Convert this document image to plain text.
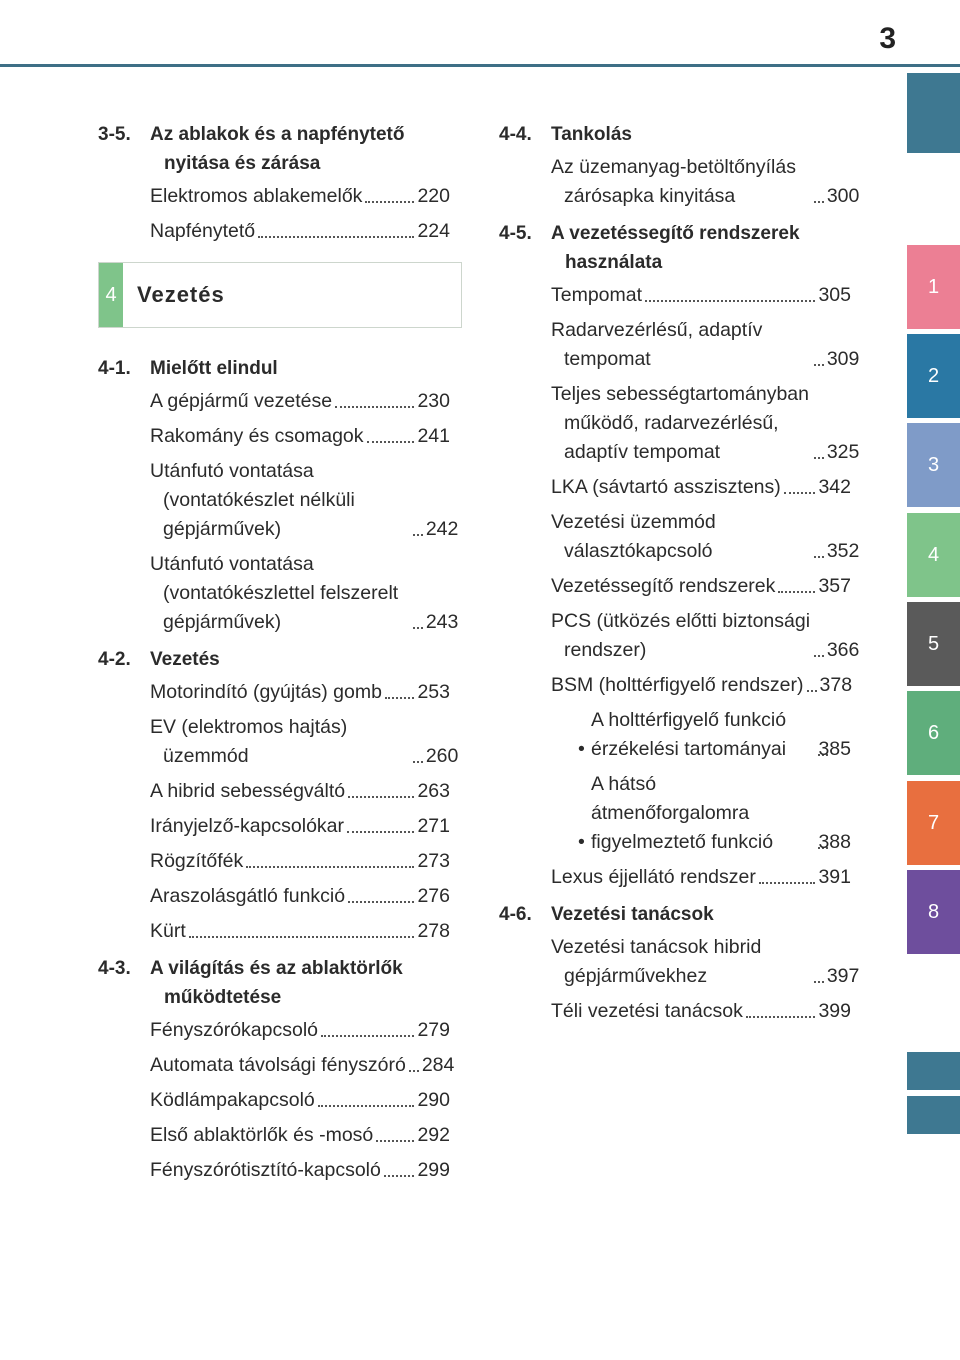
3
1
2
3
4
5
6
7
8
3-5.	Az ablakok és a napfénytető nyitása és zárása
Elektromos ablakemelők	220
Napfénytető	224
4 Vezetés
4-1.	Mielőtt elindul
A gépjármű vezetése	230
Rakomány és csomagok	241
Utánfutó vontatása (vontatókészlet nélküli gépjárművek)	242
Utánfutó vontatása (vontatókészlettel felszerelt gépjárművek)	243
4-2.	Vezetés
Motorindító (gyújtás) gomb 253
EV (elektromos hajtás) üzemmód	260
A hibrid sebességváltó	263
Irányjelző-kapcsolókar	271
Rögzítőfék	273
Araszolásgátló funkció	276
Kürt	278
4-3.	A világítás és az ablaktörlők működtetése
Fényszórókapcsoló	279
Automata távolsági fényszóró 284
Ködlámpakapcsoló	290
Első ablaktörlők és -mosó 292
Fényszórótisztító-kapcsoló 299
4-4.	Tankolás
Az üzemanyag-betöltőnyílás zárósapka kinyitása	300
4-5.	A vezetéssegítő rendszerek használata
Tempomat	305
Radarvezérlésű, adaptív tempomat	309
Teljes sebességtartományban működő, radarvezérlésű, adaptív tempomat	325
LKA (sávtartó asszisztens) 342
Vezetési üzemmód választókapcsoló	352
Vezetéssegítő rendszerek 357
PCS (ütközés előtti biztonsági rendszer)	366
BSM (holttérfigyelő rendszer) 378
•
A holttérfigyelő funkció érzékelési tartományai	385
•
A hátsó átmenőforgalomra figyelmeztető funkció	388
Lexus éjjellátó rendszer	391
4-6.	Vezetési tanácsok
Vezetési tanácsok hibrid gépjárművekhez	397
Téli vezetési tanácsok	399
